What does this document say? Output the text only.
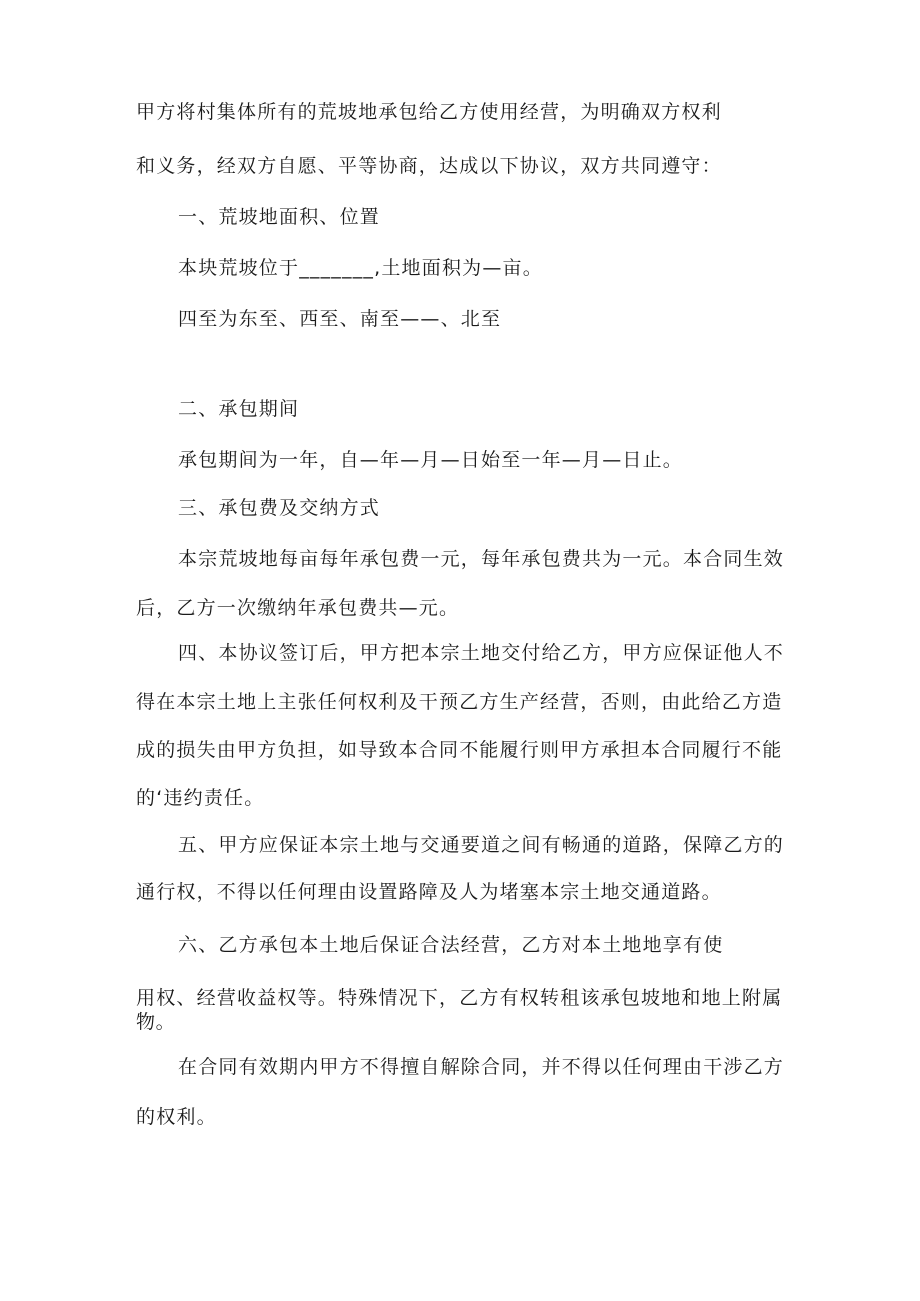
甲方将村集体所有的荒坡地承包给乙方使用经营，为明确双方权利
和义务，经双方自愿、平等协商，达成以下协议，双方共同遵守：
一、荒坡地面积、位置
本块荒坡位于_______,土地面积为—亩。
四至为东至、西至、南至——、北至
二、承包期间
承包期间为一年，自—年—月—日始至一年—月—日止。
三、承包费及交纳方式
本宗荒坡地每亩每年承包费一元，每年承包费共为一元。本合同生效
后，乙方一次缴纳年承包费共—元。
四、本协议签订后，甲方把本宗土地交付给乙方，甲方应保证他人不
得在本宗土地上主张任何权利及干预乙方生产经营，否则，由此给乙方造
成的损失由甲方负担，如导致本合同不能履行则甲方承担本合同履行不能
的‘违约责任。
五、甲方应保证本宗土地与交通要道之间有畅通的道路，保障乙方的
通行权，不得以任何理由设置路障及人为堵塞本宗土地交通道路。
六、乙方承包本土地后保证合法经营，乙方对本土地地享有使
用权、经营收益权等。特殊情况下，乙方有权转租该承包坡地和地上附属
物。
在合同有效期内甲方不得擅自解除合同，并不得以任何理由干涉乙方
的权利。
